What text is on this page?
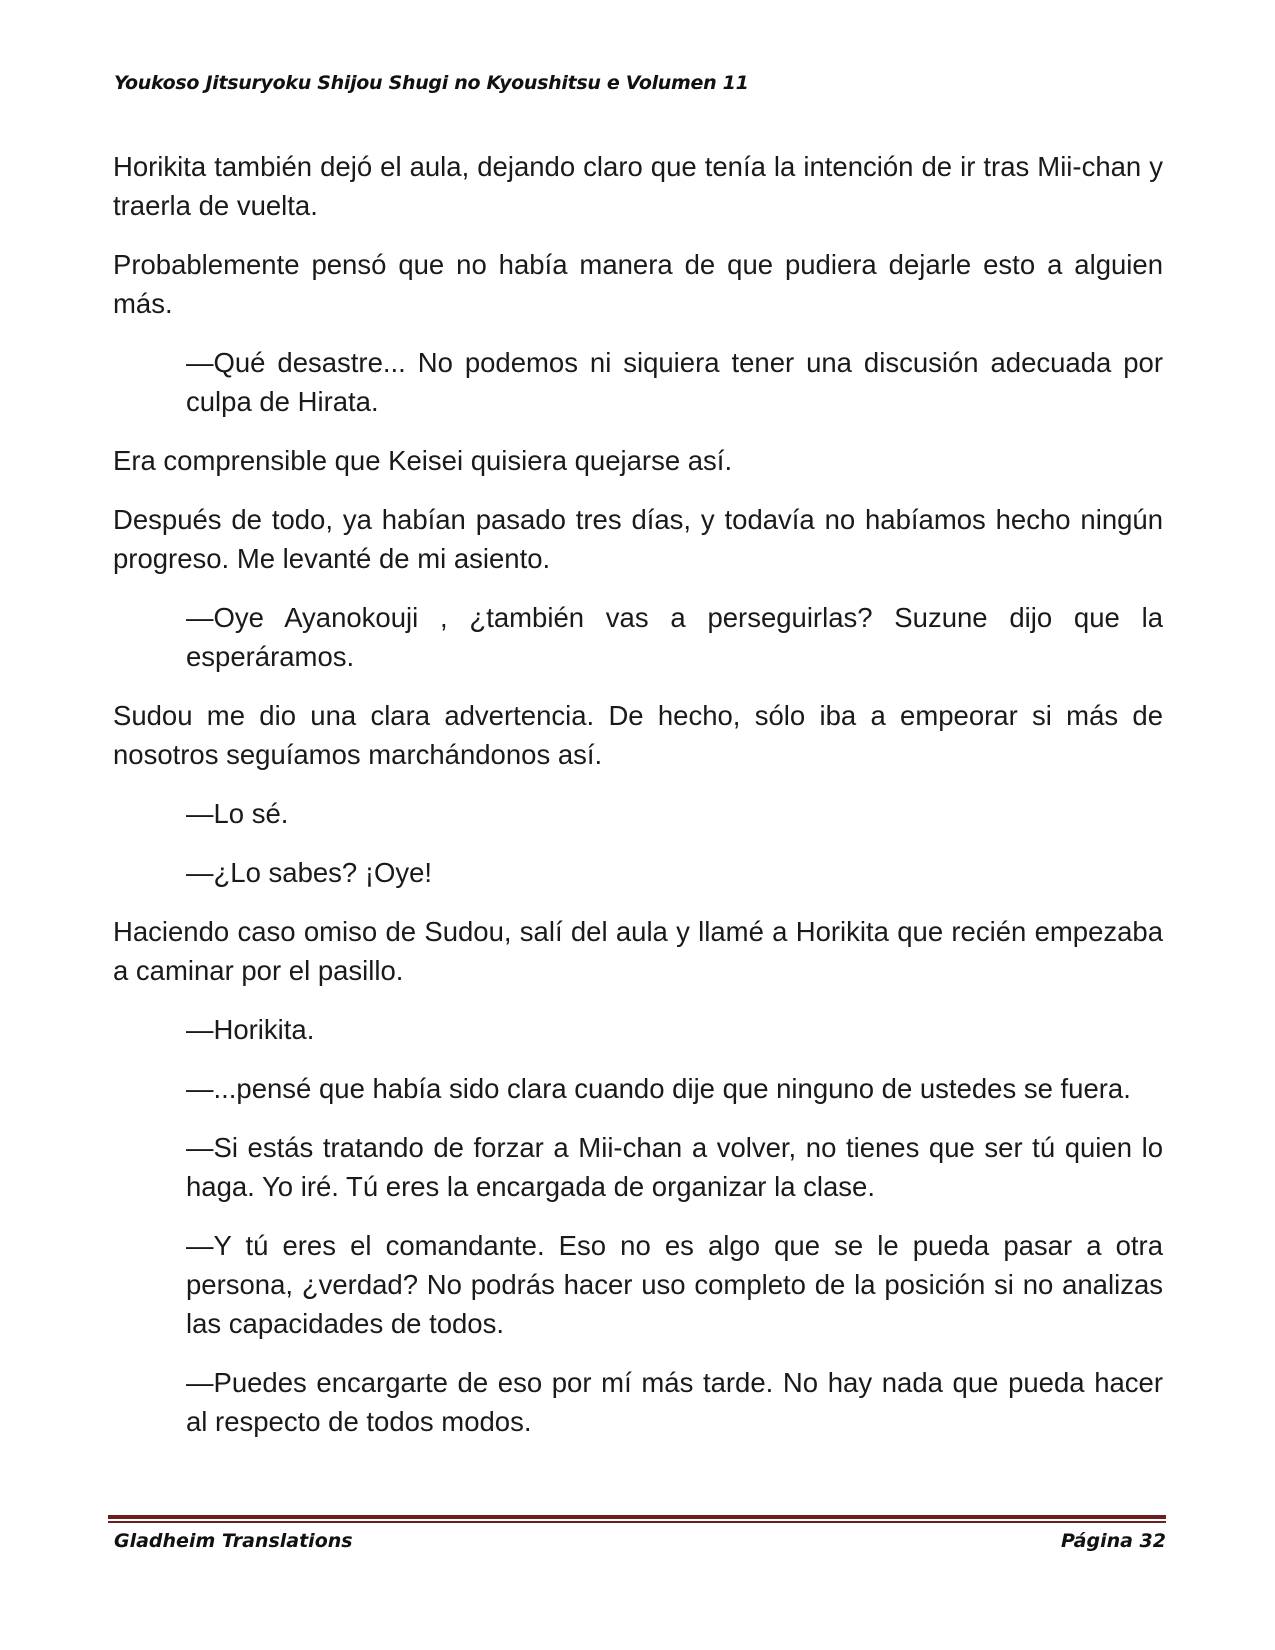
Youkoso Jitsuryoku Shijou Shugi no Kyoushitsu e Volumen 11

Horikita también dejó el aula, dejando claro que tenía la intención de ir tras Mii-chan y traerla de vuelta.

Probablemente pensó que no había manera de que pudiera dejarle esto a alguien más.

—Qué desastre... No podemos ni siquiera tener una discusión adecuada por culpa de Hirata.

Era comprensible que Keisei quisiera quejarse así.

Después de todo, ya habían pasado tres días, y todavía no habíamos hecho ningún progreso. Me levanté de mi asiento.

—Oye Ayanokouji , ¿también vas a perseguirlas? Suzune dijo que la esperáramos.

Sudou me dio una clara advertencia. De hecho, sólo iba a empeorar si más de nosotros seguíamos marchándonos así.

—Lo sé.

—¿Lo sabes? ¡Oye!

Haciendo caso omiso de Sudou, salí del aula y llamé a Horikita que recién empezaba a caminar por el pasillo.

—Horikita.

—...pensé que había sido clara cuando dije que ninguno de ustedes se fuera.

—Si estás tratando de forzar a Mii-chan a volver, no tienes que ser tú quien lo haga. Yo iré. Tú eres la encargada de organizar la clase.

—Y tú eres el comandante. Eso no es algo que se le pueda pasar a otra persona, ¿verdad? No podrás hacer uso completo de la posición si no analizas las capacidades de todos.

—Puedes encargarte de eso por mí más tarde. No hay nada que pueda hacer al respecto de todos modos.

Gladheim Translations	Página 32
